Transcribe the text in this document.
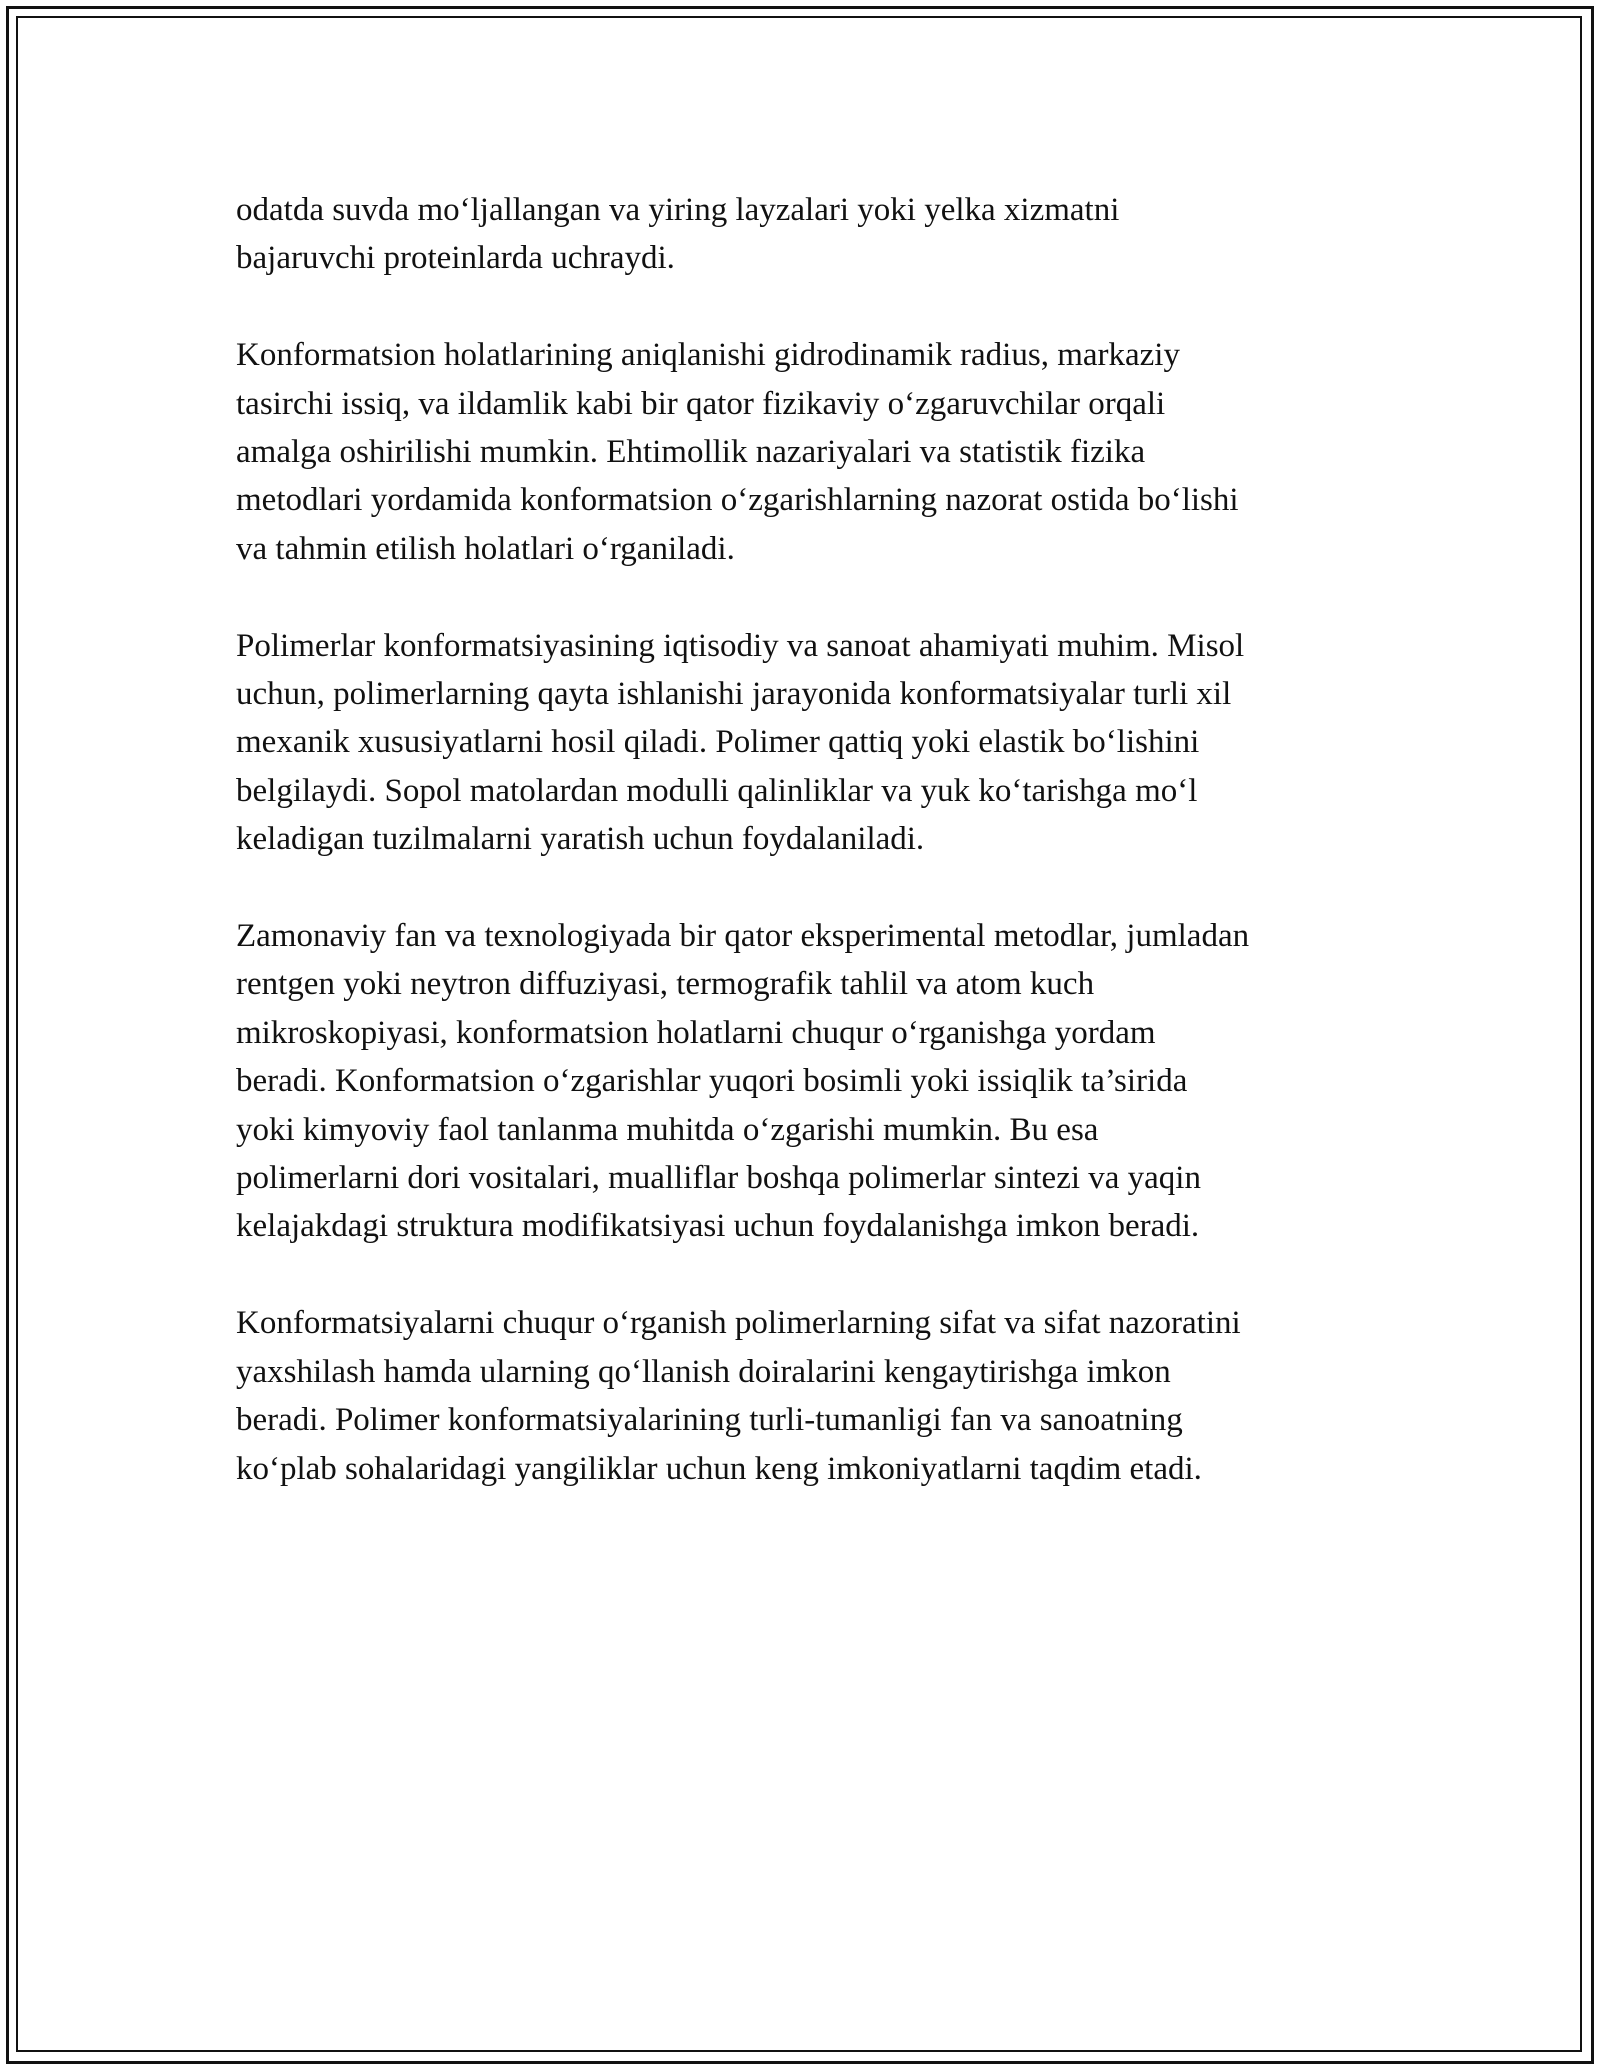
odatda suvda mo‘ljallangan va yiring layzalari yoki yelka xizmatni
bajaruvchi proteinlarda uchraydi.

Konformatsion holatlarining aniqlanishi gidrodinamik radius, markaziy
tasirchi issiq, va ildamlik kabi bir qator fizikaviy o‘zgaruvchilar orqali
amalga oshirilishi mumkin. Ehtimollik nazariyalari va statistik fizika
metodlari yordamida konformatsion o‘zgarishlarning nazorat ostida bo‘lishi
va tahmin etilish holatlari o‘rganiladi.

Polimerlar konformatsiyasining iqtisodiy va sanoat ahamiyati muhim. Misol
uchun, polimerlarning qayta ishlanishi jarayonida konformatsiyalar turli xil
mexanik xususiyatlarni hosil qiladi. Polimer qattiq yoki elastik bo‘lishini
belgilaydi. Sopol matolardan modulli qalinliklar va yuk ko‘tarishga mo‘l
keladigan tuzilmalarni yaratish uchun foydalaniladi.

Zamonaviy fan va texnologiyada bir qator eksperimental metodlar, jumladan
rentgen yoki neytron diffuziyasi, termografik tahlil va atom kuch
mikroskopiyasi, konformatsion holatlarni chuqur o‘rganishga yordam
beradi. Konformatsion o‘zgarishlar yuqori bosimli yoki issiqlik ta’sirida
yoki kimyoviy faol tanlanma muhitda o‘zgarishi mumkin. Bu esa
polimerlarni dori vositalari, mualliflar boshqa polimerlar sintezi va yaqin
kelajakdagi struktura modifikatsiyasi uchun foydalanishga imkon beradi.

Konformatsiyalarni chuqur o‘rganish polimerlarning sifat va sifat nazoratini
yaxshilash hamda ularning qo‘llanish doiralarini kengaytirishga imkon
beradi. Polimer konformatsiyalarining turli-tumanligi fan va sanoatning
ko‘plab sohalaridagi yangiliklar uchun keng imkoniyatlarni taqdim etadi.
